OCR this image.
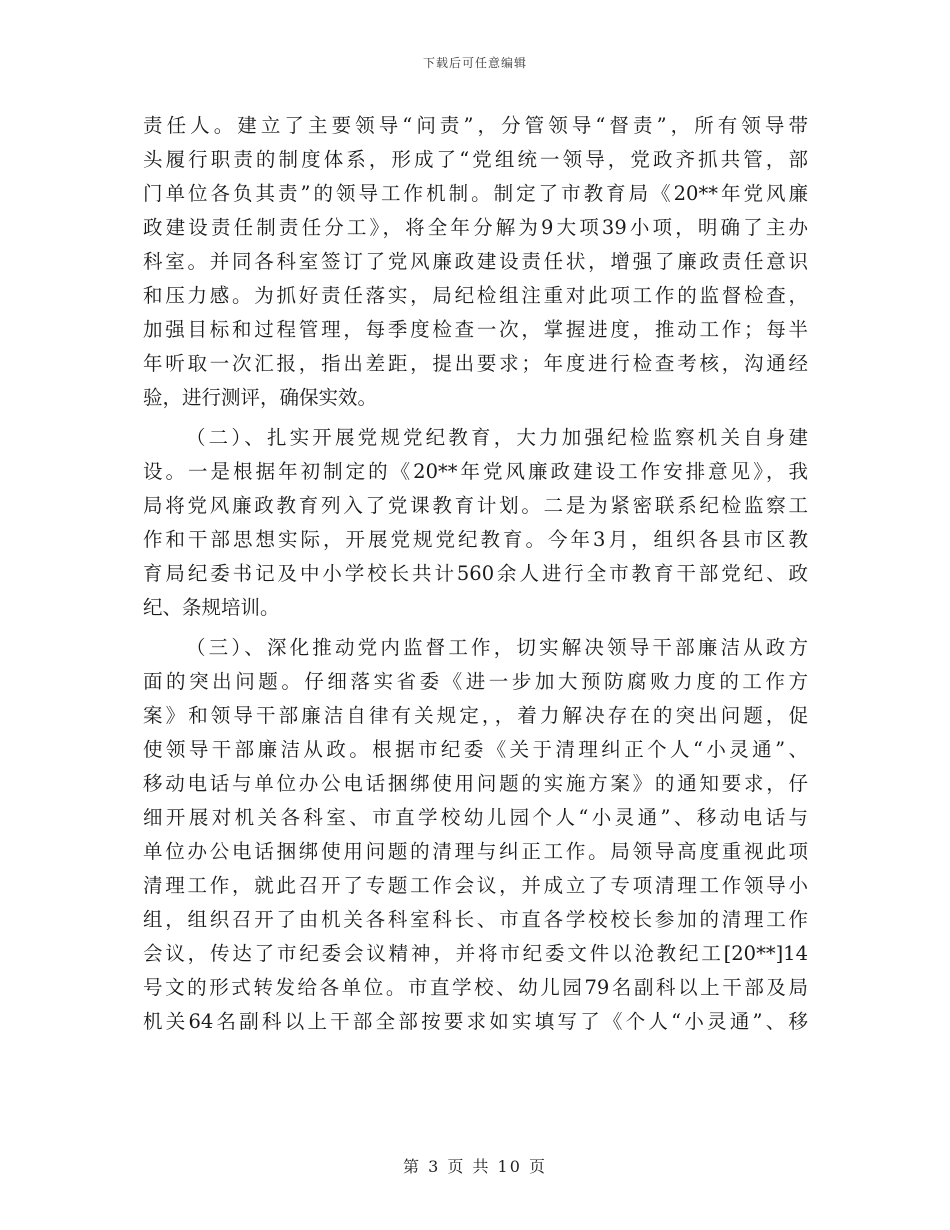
下载后可任意编辑
责任人。建立了主要领导“问责”，分管领导“督责”，所有领导带
头履行职责的制度体系，形成了“党组统一领导，党政齐抓共管，部
门单位各负其责”的领导工作机制。制定了市教育局《20**年党风廉
政建设责任制责任分工》，将全年分解为9大项39小项，明确了主办
科室。并同各科室签订了党风廉政建设责任状，增强了廉政责任意识
和压力感。为抓好责任落实，局纪检组注重对此项工作的监督检查，
加强目标和过程管理，每季度检查一次，掌握进度，推动工作；每半
年听取一次汇报，指出差距，提出要求；年度进行检查考核，沟通经
验，进行测评，确保实效。
（二）、扎实开展党规党纪教育，大力加强纪检监察机关自身建
设。一是根据年初制定的《20**年党风廉政建设工作安排意见》，我
局将党风廉政教育列入了党课教育计划。二是为紧密联系纪检监察工
作和干部思想实际，开展党规党纪教育。今年3月，组织各县市区教
育局纪委书记及中小学校长共计560余人进行全市教育干部党纪、政
纪、条规培训。
（三）、深化推动党内监督工作，切实解决领导干部廉洁从政方
面的突出问题。仔细落实省委《进一步加大预防腐败力度的工作方
案》和领导干部廉洁自律有关规定，，着力解决存在的突出问题，促
使领导干部廉洁从政。根据市纪委《关于清理纠正个人“小灵通”、
移动电话与单位办公电话捆绑使用问题的实施方案》的通知要求，仔
细开展对机关各科室、市直学校幼儿园个人“小灵通”、移动电话与
单位办公电话捆绑使用问题的清理与纠正工作。局领导高度重视此项
清理工作，就此召开了专题工作会议，并成立了专项清理工作领导小
组，组织召开了由机关各科室科长、市直各学校校长参加的清理工作
会议，传达了市纪委会议精神，并将市纪委文件以沧教纪工[20**]14
号文的形式转发给各单位。市直学校、幼儿园79名副科以上干部及局
机关64名副科以上干部全部按要求如实填写了《个人“小灵通”、移
第 3 页 共 10 页
